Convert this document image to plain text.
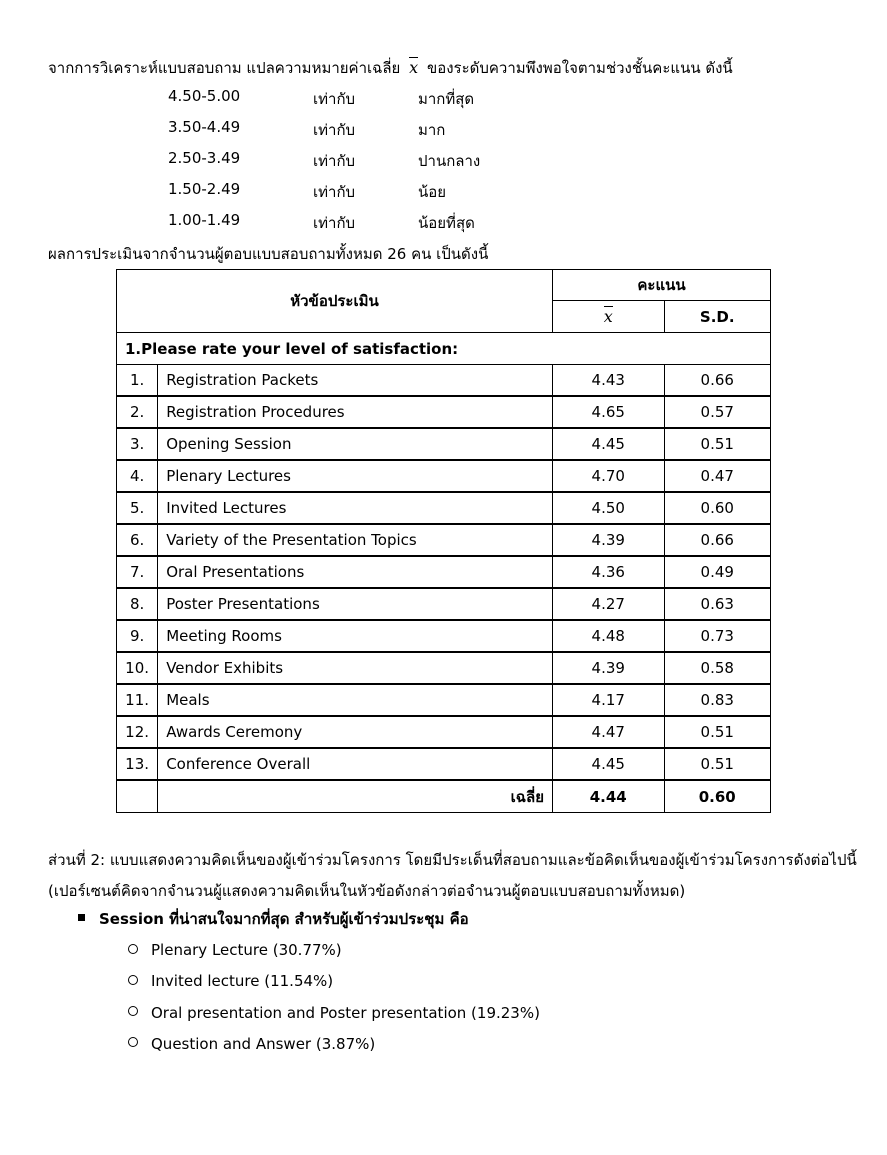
จากการวิเคราะห์แบบสอบถาม แปลความหมายค่าเฉลี่ย x ของระดับความพึงพอใจตามช่วงชั้นคะแนน ดังนี้
4.50-5.00	เท่ากับ	มากที่สุด
3.50-4.49	เท่ากับ	มาก
2.50-3.49	เท่ากับ	ปานกลาง
1.50-2.49	เท่ากับ	น้อย
1.00-1.49	เท่ากับ	น้อยที่สุด
ผลการประเมินจากจำนวนผู้ตอบแบบสอบถามทั้งหมด 26 คน เป็นดังนี้
หัวข้อประเมิน		คะแนน	
		x	S.D.
1.Please rate your level of satisfaction:			
1.	Registration Packets	4.43	0.66
2.	Registration Procedures	4.65	0.57
3.	Opening Session	4.45	0.51
4.	Plenary Lectures	4.70	0.47
5.	Invited Lectures	4.50	0.60
6.	Variety of the Presentation Topics	4.39	0.66
7.	Oral Presentations	4.36	0.49
8.	Poster Presentations	4.27	0.63
9.	Meeting Rooms	4.48	0.73
10.	Vendor Exhibits	4.39	0.58
11.	Meals	4.17	0.83
12.	Awards Ceremony	4.47	0.51
13.	Conference Overall	4.45	0.51
	เฉลี่ย	4.44	0.60
ส่วนที่ 2: แบบแสดงความคิดเห็นของผู้เข้าร่วมโครงการ โดยมีประเด็นที่สอบถามและข้อคิดเห็นของผู้เข้าร่วมโครงการดังต่อไปนี้
(เปอร์เซนต์คิดจากจำนวนผู้แสดงความคิดเห็นในหัวข้อดังกล่าวต่อจำนวนผู้ตอบแบบสอบถามทั้งหมด)
Session ที่น่าสนใจมากที่สุด สำหรับผู้เข้าร่วมประชุม คือ
Plenary Lecture (30.77%)
Invited lecture (11.54%)
Oral presentation and Poster presentation (19.23%)
Question and Answer (3.87%)
